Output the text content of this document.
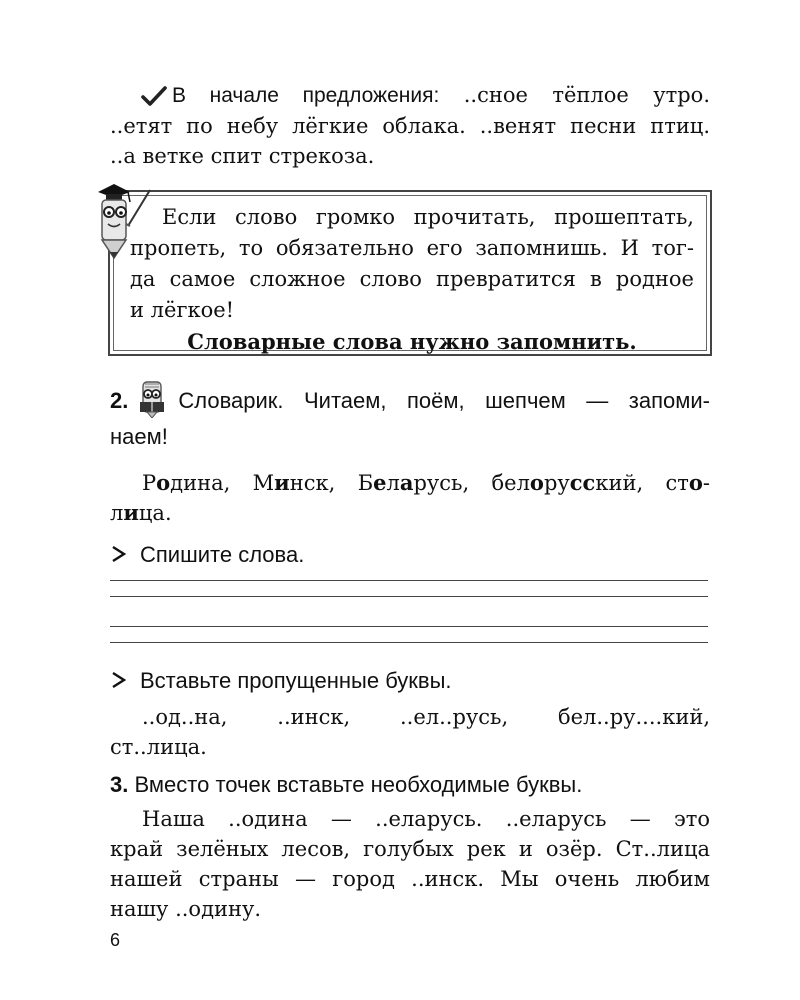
В начале предложения: ..сное тёплое утро.
..етят по небу лёгкие облака. ..венят песни птиц.
..а ветке спит стрекоза.
Если слово громко прочитать, прошептать,
пропеть, то обязательно его запомнишь. И тог-
да самое сложное слово превратится в родное
и лёгкое!
Словарные слова нужно запомнить.
2. Словарик. Читаем, поём, шепчем — запоми-
наем!
Родина, Минск, Беларусь, белорусский, сто-
лица.
Спишите слова.
Вставьте пропущенные буквы.
..од..на, ..инск, ..ел..русь, бел..ру....кий,
ст..лица.
3. Вместо точек вставьте необходимые буквы.
Наша ..одина — ..еларусь. ..еларусь — это
край зелёных лесов, голубых рек и озёр. Ст..лица
нашей страны — город ..инск. Мы очень любим
нашу ..одину.
6
